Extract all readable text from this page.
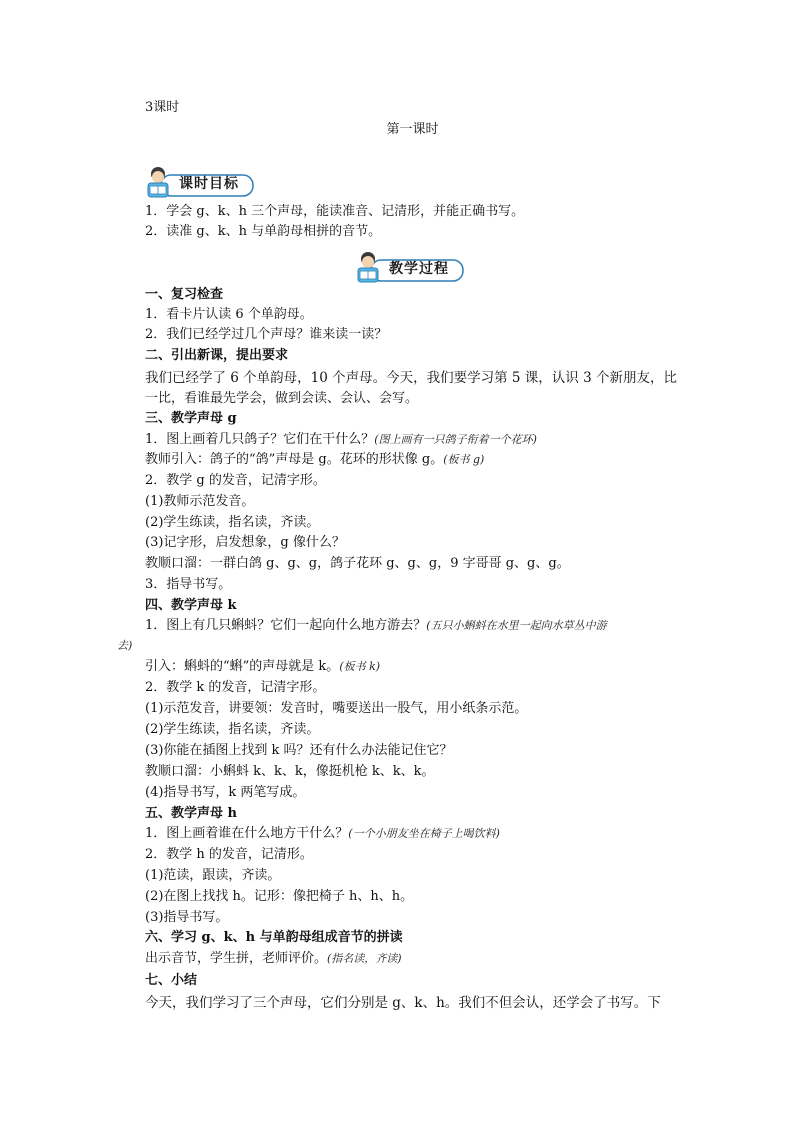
3课时
第一课时
课时目标
1．学会 g、k、h 三个声母，能读准音、记清形，并能正确书写。
2．读准 g、k、h 与单韵母相拼的音节。
教学过程
一、复习检查
1．看卡片认读 6 个单韵母。
2．我们已经学过几个声母？谁来读一读？
二、引出新课，提出要求
我们已经学了 6 个单韵母，10 个声母。今天，我们要学习第 5 课，认识 3 个新朋友，比
一比，看谁最先学会，做到会读、会认、会写。
三、教学声母 g
1．图上画着几只鸽子？它们在干什么？(图上画有一只鸽子衔着一个花环)
教师引入：鸽子的“鸽”声母是 g。花环的形状像 g。(板书 g)
2．教学 g 的发音，记清字形。
(1)教师示范发音。
(2)学生练读，指名读，齐读。
(3)记字形，启发想象，g 像什么？
教顺口溜：一群白鸽 g、g、g，鸽子花环 g、g、g，9 字哥哥 g、g、g。
3．指导书写。
四、教学声母 k
1．图上有几只蝌蚪？它们一起向什么地方游去？(五只小蝌蚪在水里一起向水草丛中游
去)
引入：蝌蚪的“蝌”的声母就是 k。(板书 k)
2．教学 k 的发音，记清字形。
(1)示范发音，讲要领：发音时，嘴要送出一股气，用小纸条示范。
(2)学生练读，指名读，齐读。
(3)你能在插图上找到 k 吗？还有什么办法能记住它？
教顺口溜：小蝌蚪 k、k、k，像挺机枪 k、k、k。
(4)指导书写，k 两笔写成。
五、教学声母 h
1．图上画着谁在什么地方干什么？(一个小朋友坐在椅子上喝饮料)
2．教学 h 的发音，记清形。
(1)范读，跟读，齐读。
(2)在图上找找 h。记形：像把椅子 h、h、h。
(3)指导书写。
六、学习 g、k、h 与单韵母组成音节的拼读
出示音节，学生拼，老师评价。(指名读，齐读)
七、小结
今天，我们学习了三个声母，它们分别是 g、k、h。我们不但会认，还学会了书写。下
